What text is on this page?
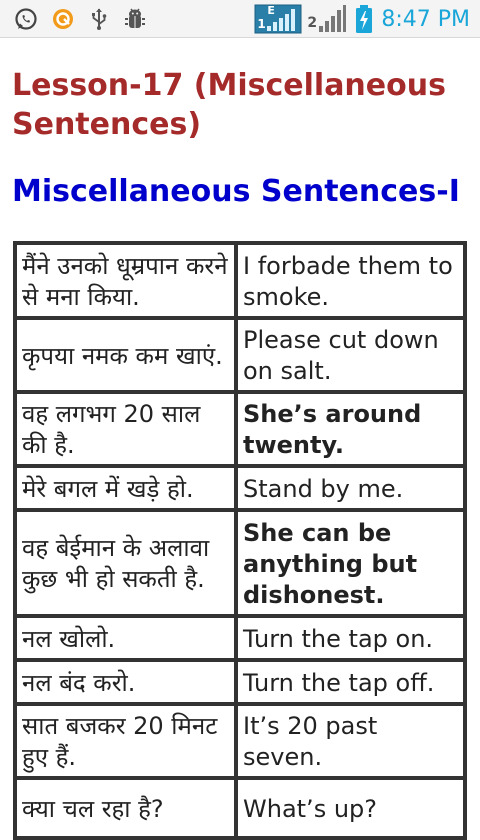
E
1	2	8:47 PM
Lesson-17 (Miscellaneous Sentences)
Miscellaneous Sentences-I
मैंने उनको धूम्रपान करने से मना किया.	I forbade them to smoke.
कृपया नमक कम खाएं.	Please cut down on salt.
वह लगभग 20 साल की है.	She’s around twenty.
मेरे बगल में खड़े हो.	Stand by me.
वह बेईमान के अलावा कुछ भी हो सकती है.	She can be anything but dishonest.
नल खोलो.	Turn the tap on.
नल बंद करो.	Turn the tap off.
सात बजकर 20 मिनट हुए हैं.	It’s 20 past seven.
क्या चल रहा है?	What’s up?
